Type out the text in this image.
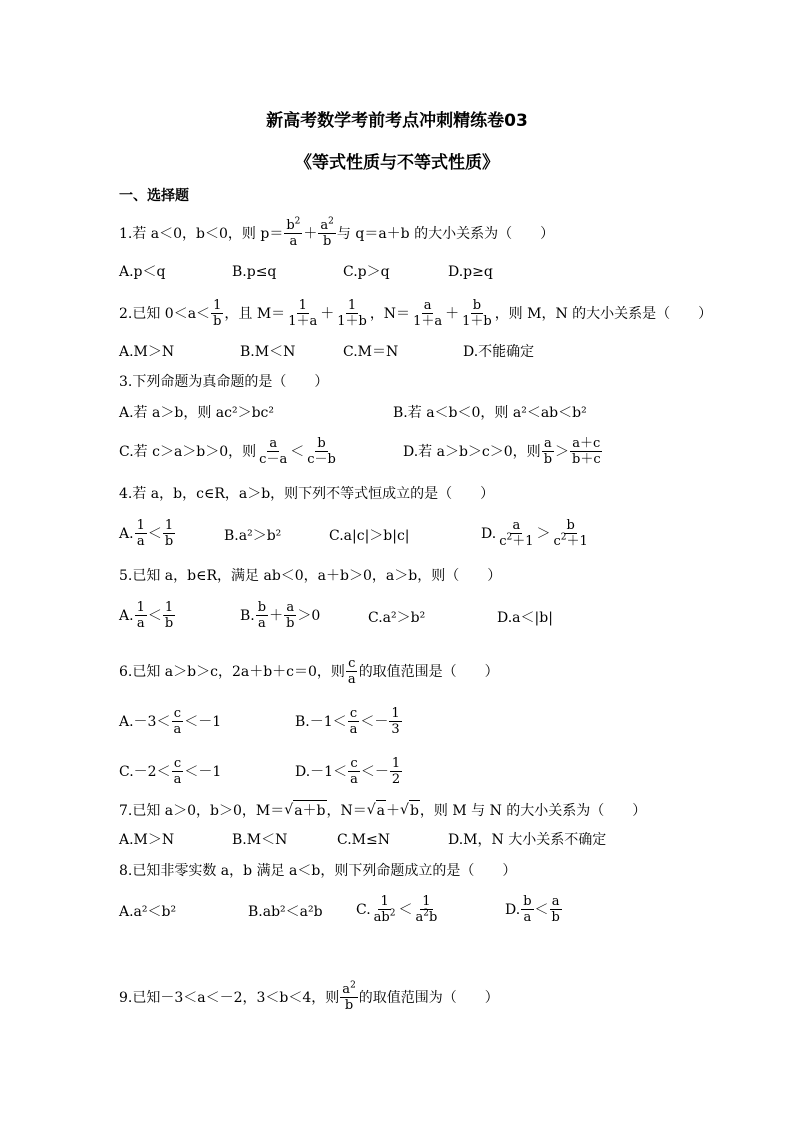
新高考数学考前考点冲刺精练卷03
《等式性质与不等式性质》
一、选择题
1.若 a＜0，b＜0，则 $p= \frac{b^2}{a} + \frac{a^2}{b}$ 与 q＝a＋b 的大小关系为（　　）
A.p＜q	B.p≤q	C.p＞q	D.p≥q
2.已知 $0<a< \frac{1}{b}$ ，且 $M= \frac{1}{1+a} + \frac{1}{1+b}$ ，$N= \frac{a}{1+a} + \frac{b}{1+b}$ ，则 M，N 的大小关系是（　　）
A.M＞N	B.M＜N	C.M＝N	D.不能确定
3.下列命题为真命题的是（　　）
A.若 a＞b，则 ac²＞bc²	B.若 a＜b＜0，则 a²＜ab＜b²
C.若 c＞a＞b＞0，则 $\frac{a}{c-a} < \frac{b}{c-b}$	D.若 a＞b＞c＞0，则 $\frac{a}{b} > \frac{a+c}{b+c}$
4.若 a，b，c∈R，a＞b，则下列不等式恒成立的是（　　）
A. $\frac{1}{a} < \frac{1}{b}$	B.a²＞b²	C.a|c|＞b|c|	D. $\frac{a}{c^2+1} > \frac{b}{c^2+1}$
5.已知 a，b∈R，满足 ab＜0，a＋b＞0，a＞b，则（　　）
A. $\frac{1}{a} < \frac{1}{b}$	B. $\frac{b}{a} + \frac{a}{b} >0$	C.a²＞b²	D.a＜|b|
6.已知 a＞b＞c，2a＋b＋c＝0，则 $\frac{c}{a}$ 的取值范围是（　　）
$A.-3< \frac{c}{a} <-1$	$B.-1< \frac{c}{a} <- \frac{1}{3}$
$C.-2< \frac{c}{a} <-1$	$D.-1< \frac{c}{a} <- \frac{1}{2}$
7.已知 a＞0，b＞0，M＝ √ a＋b ，N＝ √ a ＋ √ b ，则 M 与 N 的大小关系为（　　）
A.M＞N	B.M＜N	C.M≤N	D.M，N 大小关系不确定
8.已知非零实数 a，b 满足 a＜b，则下列命题成立的是（　　）
A.a²＜b²	B.ab²＜a²b C. $\frac{1}{ab^2} < \frac{1}{a^2b}$	D. $\frac{b}{a} < \frac{a}{b}$
9.已知－3＜a＜－2，3＜b＜4，则 $\frac{a^2}{b}$ 的取值范围为（　　）
